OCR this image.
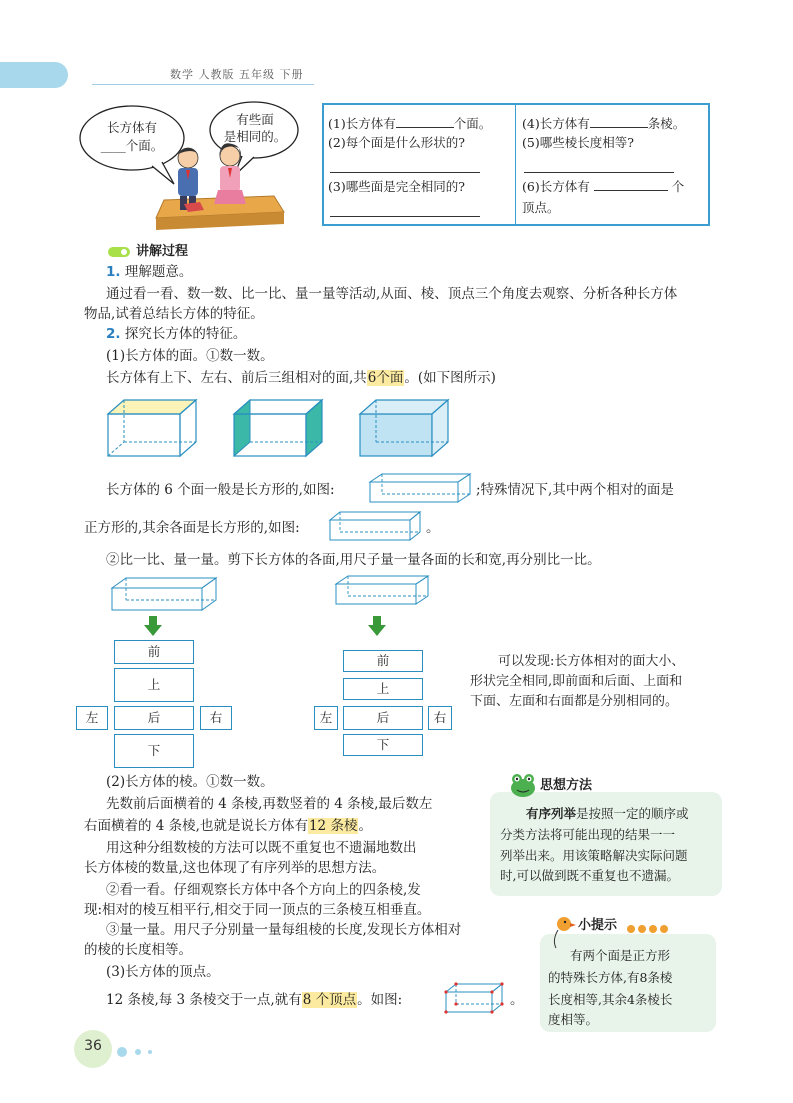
数学 人教版 五年级 下册
长方体有
____个面。
有些面
是相同的。
(1)长方体有	个面。
(2)每个面是什么形状的?
(3)哪些面是完全相同的?
(4)长方体有	条棱。
(5)哪些棱长度相等?
(6)长方体有	个
顶点。
讲解过程
1. 理解题意。
通过看一看、数一数、比一比、量一量等活动,从面、棱、顶点三个角度去观察、分析各种长方体
物品,试着总结长方体的特征。
2. 探究长方体的特征。
(1)长方体的面。①数一数。
长方体有上下、左右、前后三组相对的面,共6个面。(如下图所示)
长方体的 6 个面一般是长方形的,如图:	;特殊情况下,其中两个相对的面是
正方形的,其余各面是长方形的,如图:	。
②比一比、量一量。剪下长方体的各面,用尺子量一量各面的长和宽,再分别比一比。
前
上
左	后	右
下
前
上
左	后	右
下
可以发现:长方体相对的面大小、
形状完全相同,即前面和后面、上面和
下面、左面和右面都是分别相同的。
(2)长方体的棱。①数一数。
先数前后面横着的 4 条棱,再数竖着的 4 条棱,最后数左
右面横着的 4 条棱,也就是说长方体有12 条棱。
用这种分组数棱的方法可以既不重复也不遗漏地数出
长方体棱的数量,这也体现了有序列举的思想方法。
②看一看。仔细观察长方体中各个方向上的四条棱,发
现:相对的棱互相平行,相交于同一顶点的三条棱互相垂直。
③量一量。用尺子分别量一量每组棱的长度,发现长方体相对
的棱的长度相等。
(3)长方体的顶点。
12 条棱,每 3 条棱交于一点,就有8 个顶点。如图:	。
思想方法
有序列举是按照一定的顺序或
分类方法将可能出现的结果一一
列举出来。用该策略解决实际问题
时,可以做到既不重复也不遗漏。
小提示
有两个面是正方形
的特殊长方体,有8条棱
长度相等,其余4条棱长
度相等。
36
